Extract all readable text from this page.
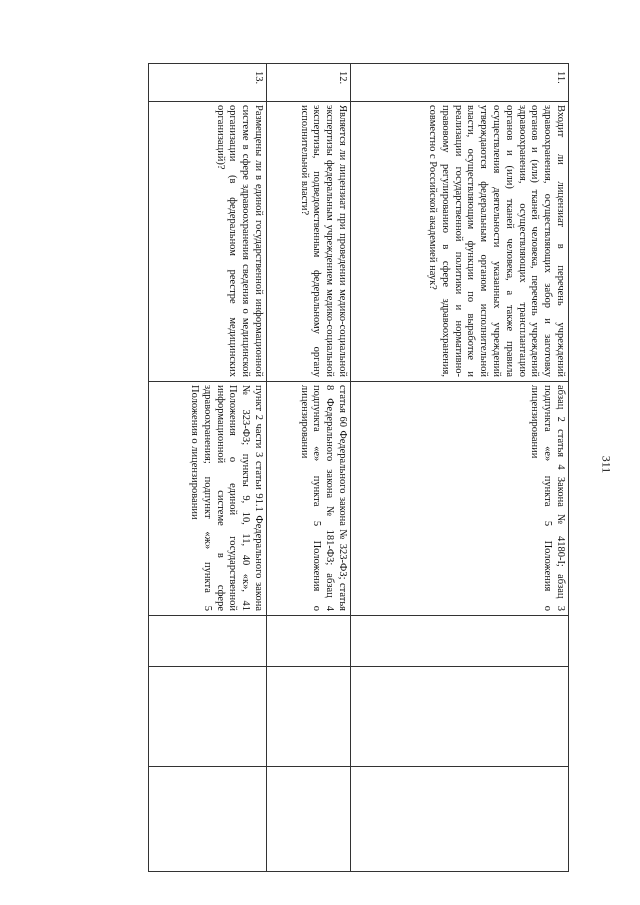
311
11.
Входит ли лицензиат в перечень учреждений здравоохранения, осуществляющих забор и заготовку органов и (или) тканей человека, перечень учреждений здравоохранения, осуществляющих трансплантацию органов и (или) тканей человека, а также правила осуществления деятельности указанных учреждений утверждаются федеральным органом исполнительной власти, осуществляющим функции по выработке и реализации государственной политики и нормативно-правовому регулированию в сфере здравоохранения, совместно с Российской академией наук?
абзац 2 статья 4 Закона № 4180-I; абзац 3 подпункта «е» пункта 5 Положения о лицензировании
12.
Является ли лицензиат при проведении медико-социальной экспертизы федеральным учреждением медико-социальной экспертизы, подведомственным федеральному органу исполнительной власти?
статья 60 Федерального закона № 323-ФЗ; статья 8 Федерального закона № 181-ФЗ; абзац 4 подпункта «е» пункта 5 Положения о лицензировании
13.
Размещены ли в единой государственной информационной системе в сфере здравоохранения сведения о медицинской организации (в федеральном реестре медицинских организаций)?
пункт 2 части 3 статьи 91.1 Федерального закона № 323-ФЗ; пункты 9, 10, 11, 40 «к», 41 Положения о единой государственной информационной системе в сфере здравоохранения; подпункт «ж» пункта 5 Положения о лицензировании
